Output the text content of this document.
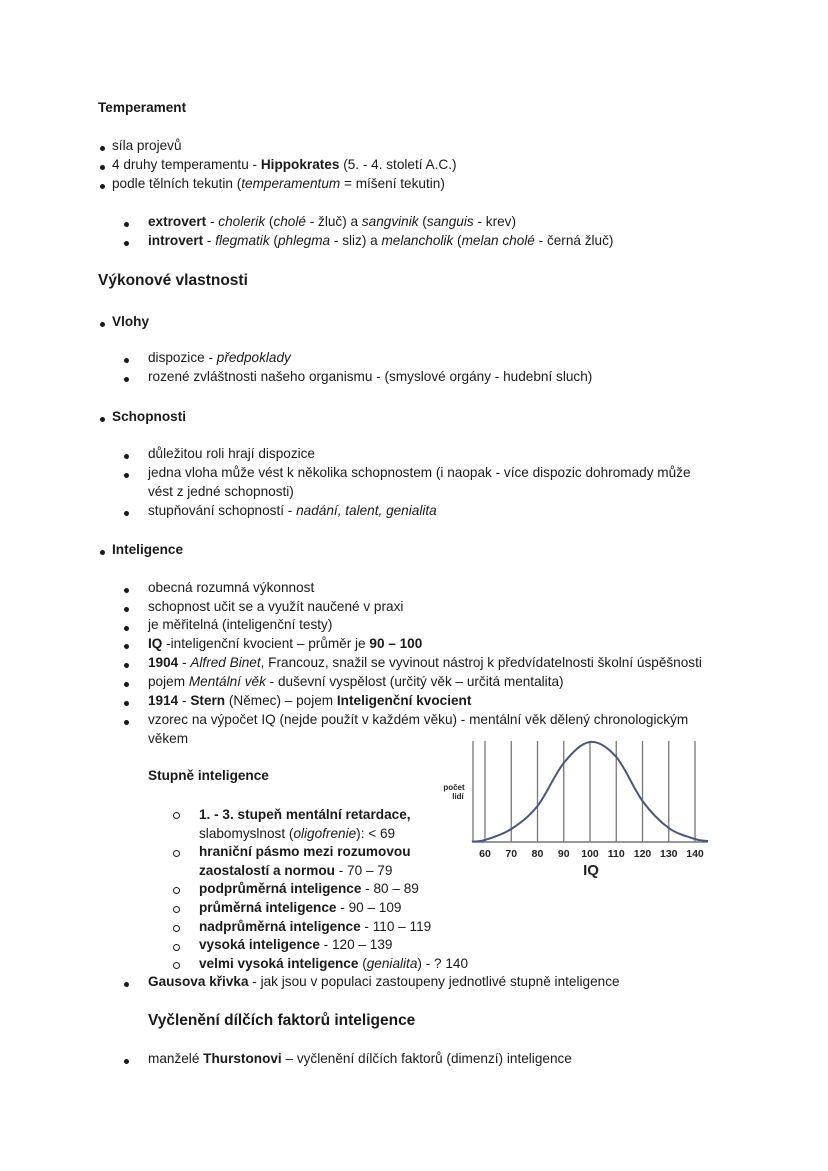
Temperament
síla projevů
4 druhy temperamentu - Hippokrates (5. - 4. století A.C.)
podle tělních tekutin (temperamentum = míšení tekutin)
extrovert - cholerik (cholé - žluč) a sangvinik (sanguis - krev)
introvert - flegmatik (phlegma - sliz) a melancholik (melan cholé - černá žluč)
Výkonové vlastnosti
Vlohy
dispozice - předpoklady
rozené zvláštnosti našeho organismu - (smyslové orgány - hudební sluch)
Schopnosti
důležitou roli hrají dispozice
jedna vloha může vést k několika schopnostem (i naopak - více dispozic dohromady může
vést z jedné schopnosti)
stupňování schopností - nadání, talent, genialita
Inteligence
obecná rozumná výkonnost
schopnost učit se a využít naučené v praxi
je měřitelná (inteligenční testy)
IQ -inteligenční kvocient – průměr je 90 – 100
1904 - Alfred Binet, Francouz, snažil se vyvinout nástroj k předvídatelnosti školní úspěšnosti
pojem Mentální věk - duševní vyspělost (určitý věk – určitá mentalita)
1914 - Stern (Němec) – pojem Inteligenční kvocient
vzorec na výpočet IQ (nejde použít v každém věku) - mentální věk dělený chronologickým
věkem
Stupně inteligence
1. - 3. stupeň mentální retardace,
slabomyslnost (oligofrenie): < 69
hraniční pásmo mezi rozumovou
zaostalostí a normou - 70 – 79
podprůměrná inteligence - 80 – 89
průměrná inteligence - 90 – 109
nadprůměrná inteligence - 110 – 119
vysoká inteligence - 120 – 139
velmi vysoká inteligence (genialita) - ? 140
Gausova křivka - jak jsou v populaci zastoupeny jednotlivé stupně inteligence
Vyčlenění dílčích faktorů inteligence
manželé Thurstonovi – vyčlenění dílčích faktorů (dimenzí) inteligence
60 70 80 90 100 110 120 130 140
počet
lidí
IQ
